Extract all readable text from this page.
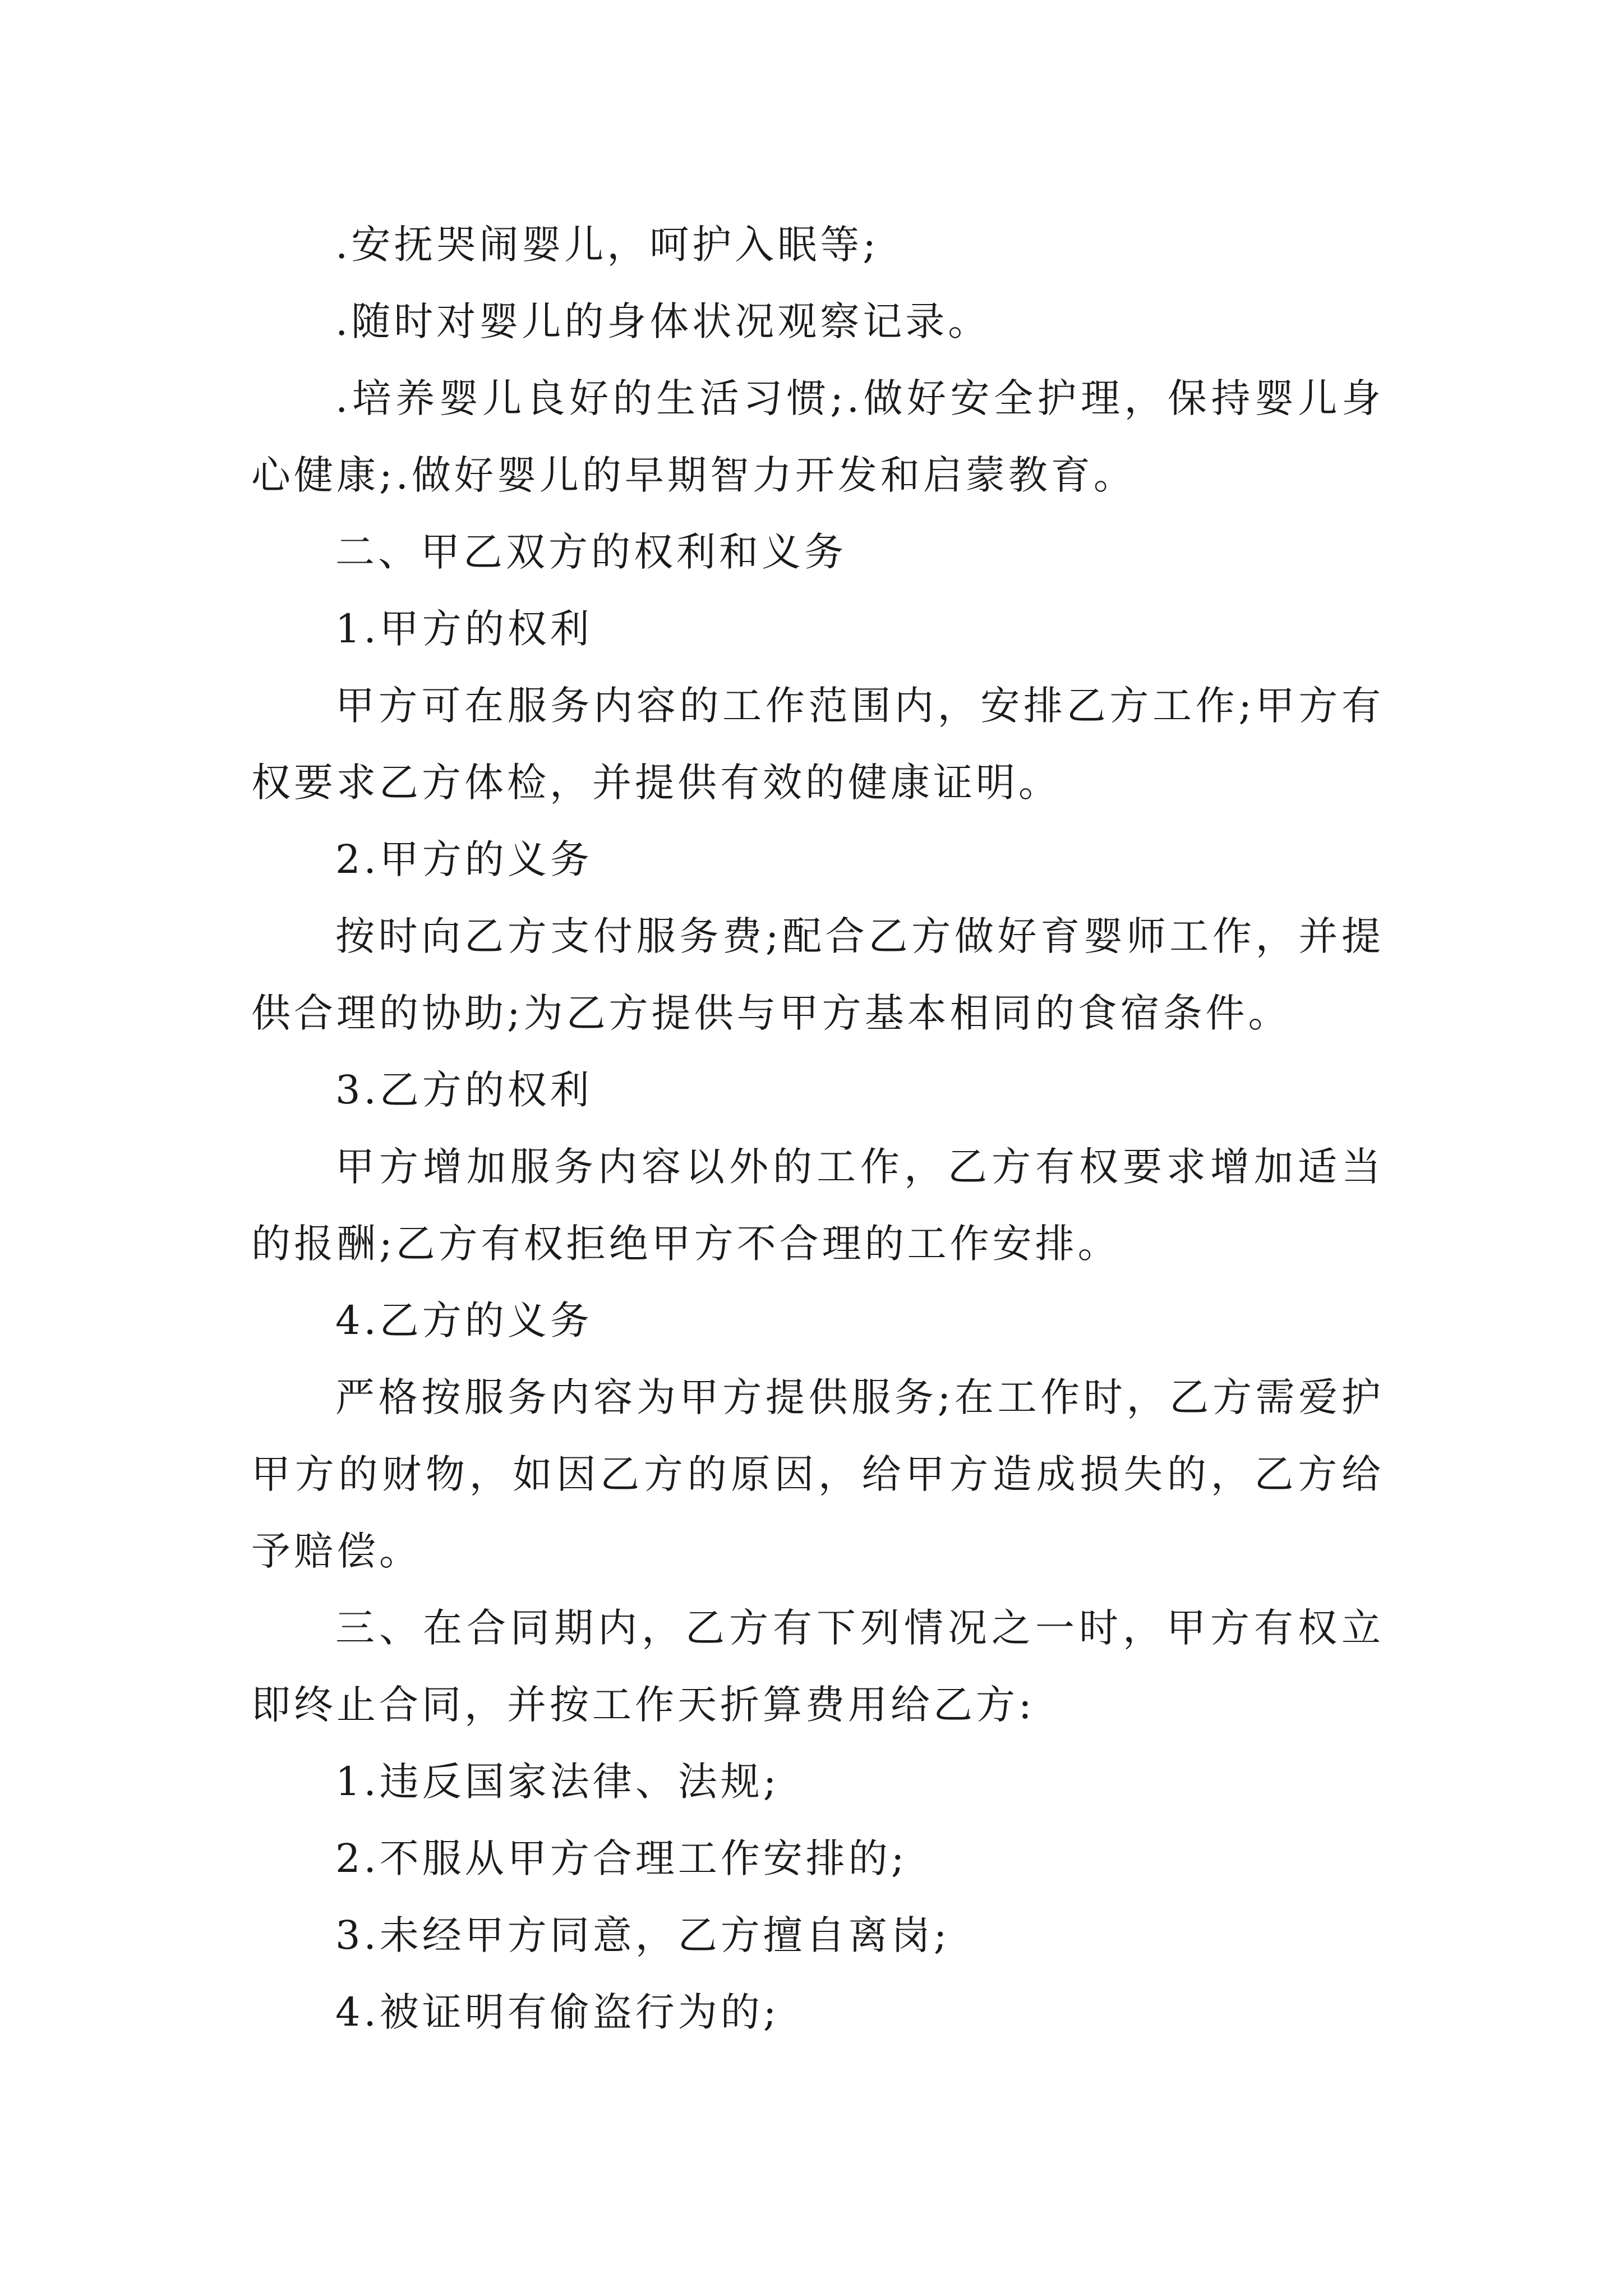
.安抚哭闹婴儿，呵护入眠等;

.随时对婴儿的身体状况观察记录。

.培养婴儿良好的生活习惯;.做好安全护理，保持婴儿身心健康;.做好婴儿的早期智力开发和启蒙教育。

二、甲乙双方的权利和义务

1.甲方的权利

甲方可在服务内容的工作范围内，安排乙方工作;甲方有权要求乙方体检，并提供有效的健康证明。

2.甲方的义务

按时向乙方支付服务费;配合乙方做好育婴师工作，并提供合理的协助;为乙方提供与甲方基本相同的食宿条件。

3.乙方的权利

甲方增加服务内容以外的工作，乙方有权要求增加适当的报酬;乙方有权拒绝甲方不合理的工作安排。

4.乙方的义务

严格按服务内容为甲方提供服务;在工作时，乙方需爱护甲方的财物，如因乙方的原因，给甲方造成损失的，乙方给予赔偿。

三、在合同期内，乙方有下列情况之一时，甲方有权立即终止合同，并按工作天折算费用给乙方:

1.违反国家法律、法规;

2.不服从甲方合理工作安排的;

3.未经甲方同意，乙方擅自离岗;

4.被证明有偷盗行为的;
